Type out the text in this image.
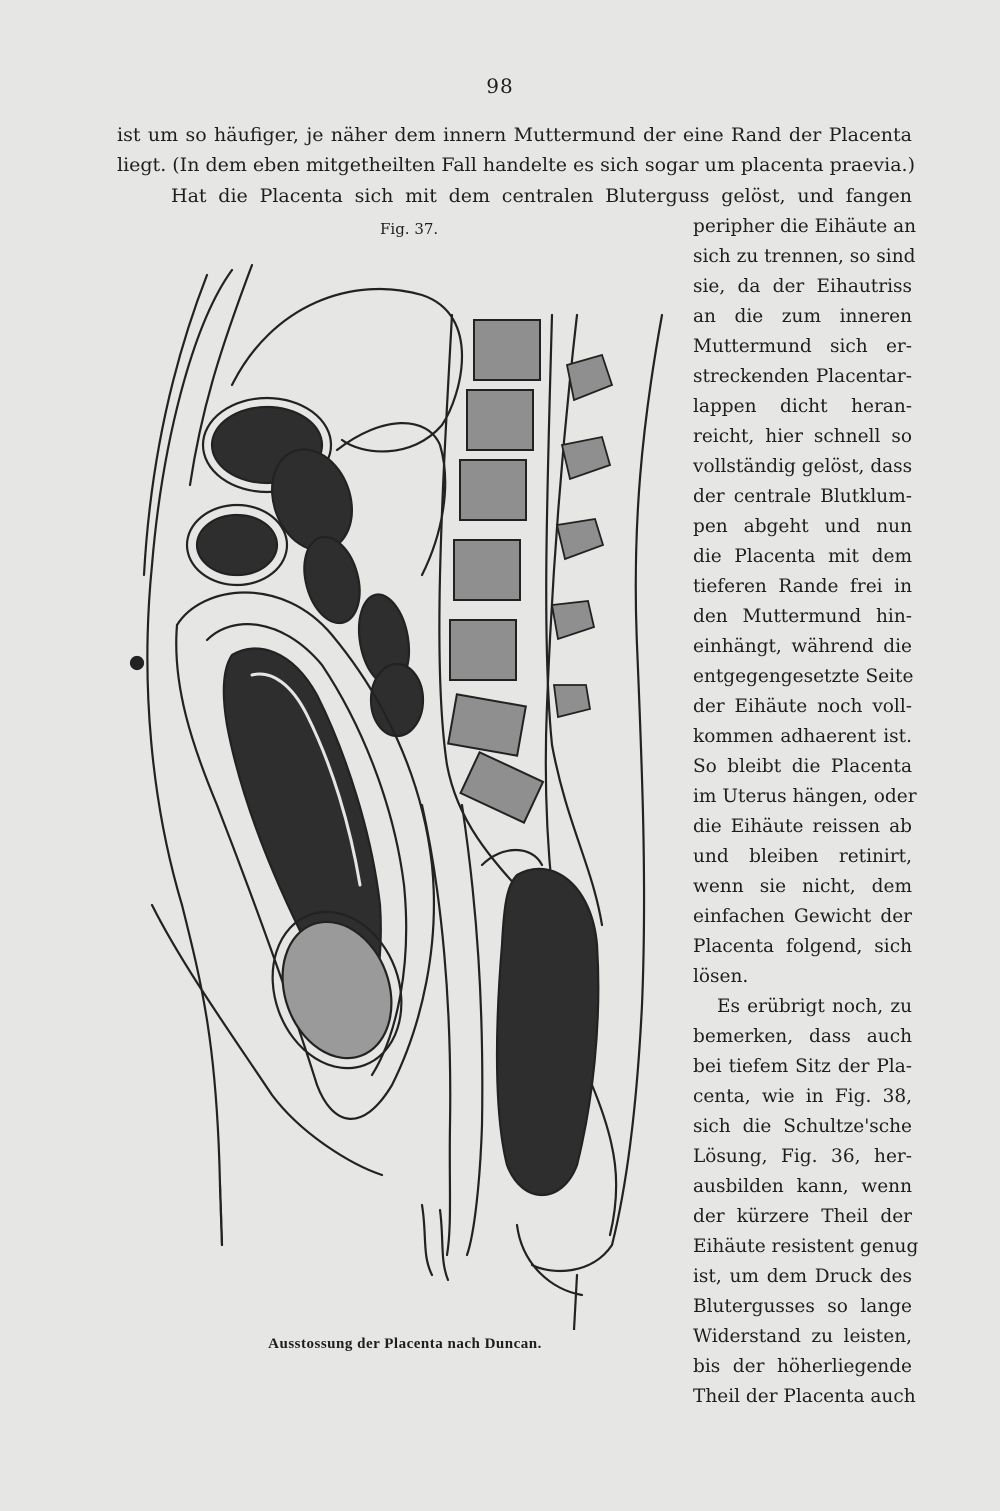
98
ist um so häufiger, je näher dem innern Muttermund der eine Rand der Placenta
liegt. (In dem eben mitgetheilten Fall handelte es sich sogar um placenta praevia.)
Hat die Placenta sich mit dem centralen Bluterguss gelöst, und fangen
Fig. 37.	peripher die Eihäute an
sich zu trennen, so sind
sie, da der Eihautriss
an die zum inneren
Muttermund sich er-
streckenden Placentar-
lappen dicht heran-
reicht, hier schnell so
vollständig gelöst, dass
der centrale Blutklum-
pen abgeht und nun
die Placenta mit dem
tieferen Rande frei in
den Muttermund hin-
einhängt, während die
entgegengesetzte Seite
der Eihäute noch voll-
kommen adhaerent ist.
So bleibt die Placenta
im Uterus hängen, oder
die Eihäute reissen ab
und bleiben retinirt,
wenn sie nicht, dem
einfachen Gewicht der
Placenta folgend, sich
lösen.
Es erübrigt noch, zu
bemerken, dass auch
bei tiefem Sitz der Pla-
centa, wie in Fig. 38,
sich die Schultze'sche
Lösung, Fig. 36, her-
ausbilden kann, wenn
der kürzere Theil der
Eihäute resistent genug
ist, um dem Druck des
Blutergusses so lange
Widerstand zu leisten,
bis der höherliegende
Theil der Placenta auch
Ausstossung der Placenta nach Duncan.
